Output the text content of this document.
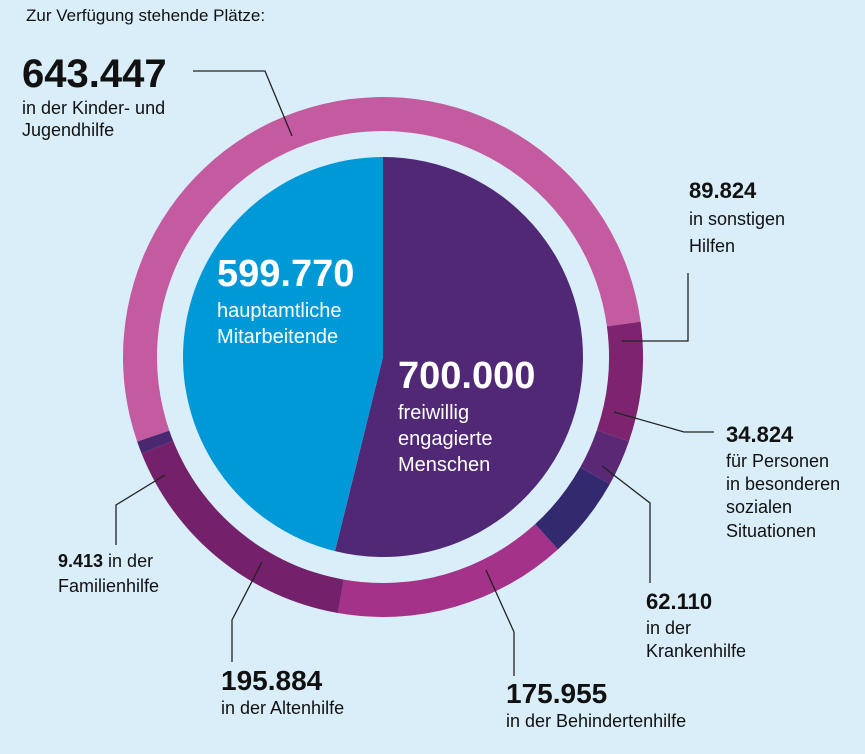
Zur Verfügung stehende Plätze:
643.447
in der Kinder- und
Jugendhilfe
89.824
in sonstigen
Hilfen
34.824
für Personen
in besonderen
sozialen
Situationen
62.110
in der
Krankenhilfe
175.955
in der Behindertenhilfe
195.884
in der Altenhilfe
9.413 in der
Familienhilfe
599.770
hauptamtliche
Mitarbeitende
700.000
freiwillig
engagierte
Menschen
